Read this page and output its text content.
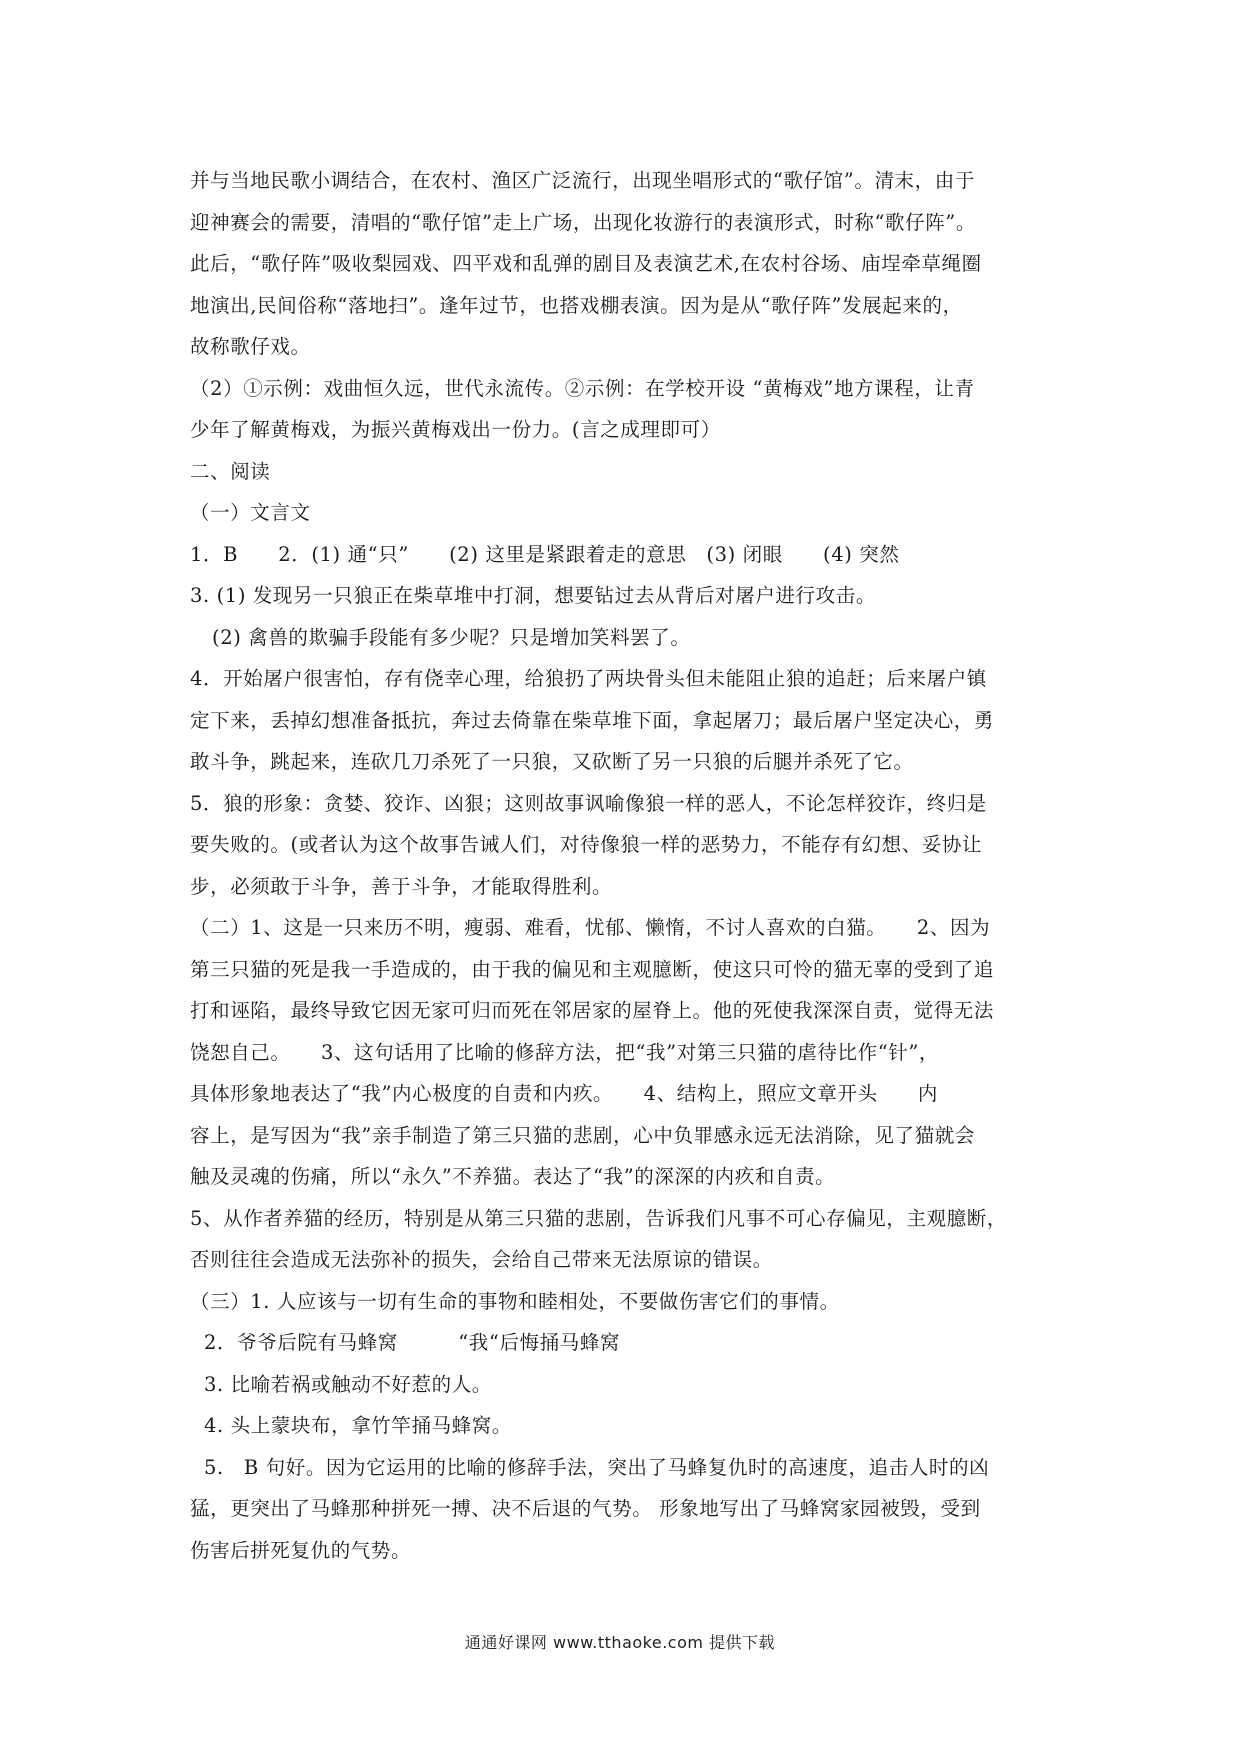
并与当地民歌小调结合，在农村、渔区广泛流行，出现坐唱形式的“歌仔馆”。清末，由于
迎神赛会的需要，清唱的“歌仔馆”走上广场，出现化妆游行的表演形式，时称“歌仔阵”。
此后，“歌仔阵”吸收梨园戏、四平戏和乱弹的剧目及表演艺术,在农村谷场、庙埕牵草绳圈
地演出,民间俗称“落地扫”。逢年过节，也搭戏棚表演。因为是从“歌仔阵”发展起来的，
故称歌仔戏。
（2）①示例：戏曲恒久远，世代永流传。②示例：在学校开设 “黄梅戏”地方课程，让青
少年了解黄梅戏，为振兴黄梅戏出一份力。(言之成理即可）
二、阅读
（一）文言文
1．B　　2．(1) 通“只”　　(2) 这里是紧跟着走的意思　(3) 闭眼　　(4) 突然
3. (1) 发现另一只狼正在柴草堆中打洞，想要钻过去从背后对屠户进行攻击。
(2) 禽兽的欺骗手段能有多少呢？只是增加笑料罢了。
4．开始屠户很害怕，存有侥幸心理，给狼扔了两块骨头但未能阻止狼的追赶；后来屠户镇
定下来，丢掉幻想准备抵抗，奔过去倚靠在柴草堆下面，拿起屠刀；最后屠户坚定决心，勇
敢斗争，跳起来，连砍几刀杀死了一只狼，又砍断了另一只狼的后腿并杀死了它。
5．狼的形象：贪婪、狡诈、凶狠；这则故事讽喻像狼一样的恶人，不论怎样狡诈，终归是
要失败的。(或者认为这个故事告诫人们，对待像狼一样的恶势力，不能存有幻想、妥协让
步，必须敢于斗争，善于斗争，才能取得胜利。
（二）1、这是一只来历不明，瘦弱、难看，忧郁、懒惰，不讨人喜欢的白猫。　　2、因为
第三只猫的死是我一手造成的，由于我的偏见和主观臆断，使这只可怜的猫无辜的受到了追
打和诬陷，最终导致它因无家可归而死在邻居家的屋脊上。他的死使我深深自责，觉得无法
饶恕自己。　　3、这句话用了比喻的修辞方法，把“我”对第三只猫的虐待比作“针”，
具体形象地表达了“我”内心极度的自责和内疚。　　4、结构上，照应文章开头　　内
容上，是写因为“我”亲手制造了第三只猫的悲剧，心中负罪感永远无法消除，见了猫就会
触及灵魂的伤痛，所以“永久”不养猫。表达了“我”的深深的内疚和自责。
5、从作者养猫的经历，特别是从第三只猫的悲剧，告诉我们凡事不可心存偏见，主观臆断，
否则往往会造成无法弥补的损失，会给自己带来无法原谅的错误。
（三）1. 人应该与一切有生命的事物和睦相处，不要做伤害它们的事情。
2．爷爷后院有马蜂窝　　　“我“后悔捅马蜂窝
3. 比喻若祸或触动不好惹的人。
4. 头上蒙块布，拿竹竿捅马蜂窝。
5.　B 句好。因为它运用的比喻的修辞手法，突出了马蜂复仇时的高速度，追击人时的凶
猛，更突出了马蜂那种拼死一搏、决不后退的气势。 形象地写出了马蜂窝家园被毁，受到
伤害后拼死复仇的气势。
通通好课网 www.tthaoke.com 提供下载
